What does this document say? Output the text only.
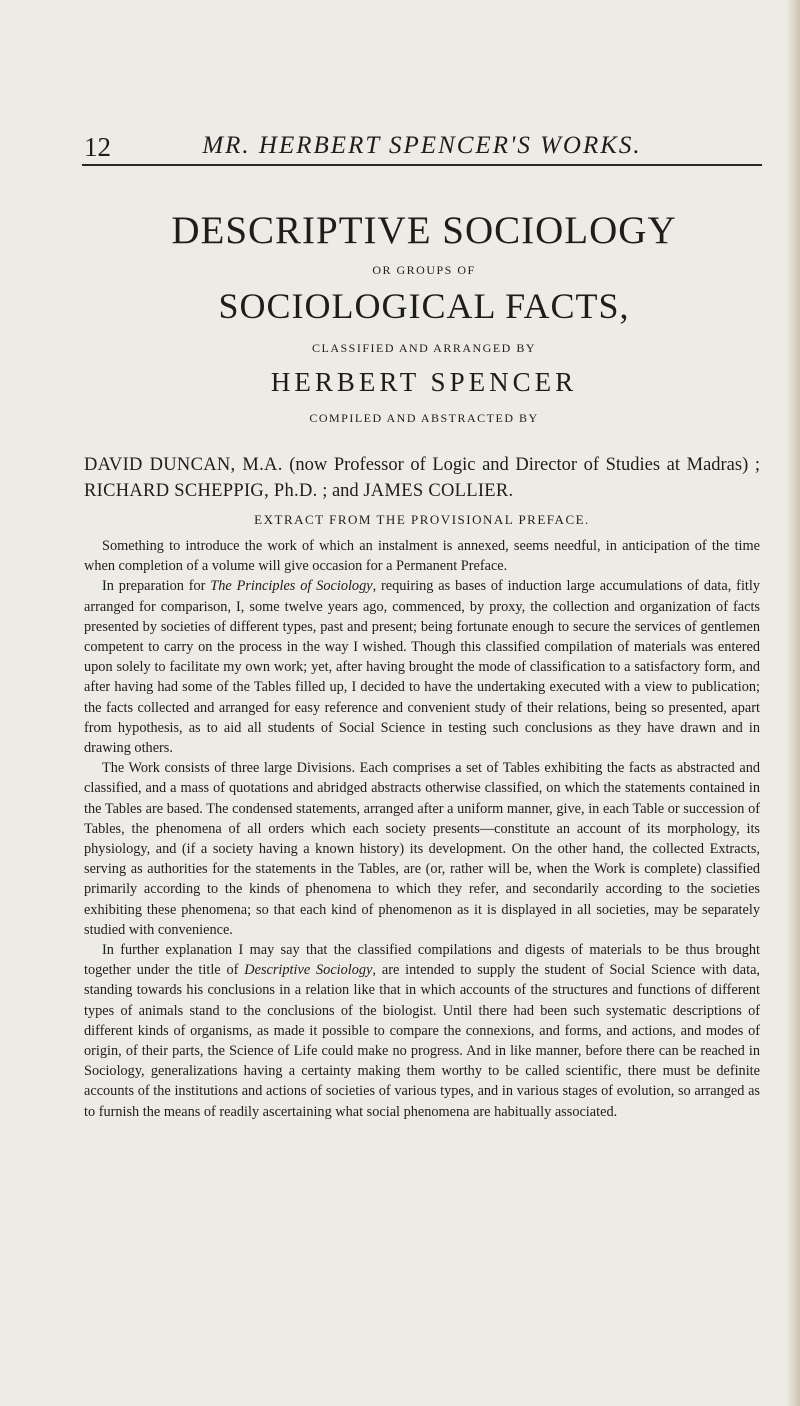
12	MR. HERBERT SPENCER'S WORKS.
DESCRIPTIVE SOCIOLOGY
OR GROUPS OF
SOCIOLOGICAL FACTS,
CLASSIFIED AND ARRANGED BY
HERBERT SPENCER
COMPILED AND ABSTRACTED BY
DAVID DUNCAN, M.A. (now Professor of Logic and Director of Studies at Madras) ; RICHARD SCHEPPIG, Ph.D. ; and JAMES COLLIER.
EXTRACT FROM THE PROVISIONAL PREFACE.

Something to introduce the work of which an instalment is annexed, seems needful, in anticipation of the time when completion of a volume will give occasion for a Permanent Preface.

In preparation for The Principles of Sociology, requiring as bases of induction large accumulations of data, fitly arranged for comparison, I, some twelve years ago, commenced, by proxy, the collection and organization of facts presented by societies of different types, past and present; being fortunate enough to secure the services of gentlemen competent to carry on the process in the way I wished. Though this classified compilation of materials was entered upon solely to facilitate my own work; yet, after having brought the mode of classification to a satisfactory form, and after having had some of the Tables filled up, I decided to have the undertaking executed with a view to publication; the facts collected and arranged for easy reference and convenient study of their relations, being so presented, apart from hypothesis, as to aid all students of Social Science in testing such conclusions as they have drawn and in drawing others.

The Work consists of three large Divisions. Each comprises a set of Tables exhibiting the facts as abstracted and classified, and a mass of quotations and abridged abstracts otherwise classified, on which the statements contained in the Tables are based. The condensed statements, arranged after a uniform manner, give, in each Table or succession of Tables, the phenomena of all orders which each society presents—constitute an account of its morphology, its physiology, and (if a society having a known history) its development. On the other hand, the collected Extracts, serving as authorities for the statements in the Tables, are (or, rather will be, when the Work is complete) classified primarily according to the kinds of phenomena to which they refer, and secondarily according to the societies exhibiting these phenomena; so that each kind of phenomenon as it is displayed in all societies, may be separately studied with convenience.

In further explanation I may say that the classified compilations and digests of materials to be thus brought together under the title of Descriptive Sociology, are intended to supply the student of Social Science with data, standing towards his conclusions in a relation like that in which accounts of the structures and functions of different types of animals stand to the conclusions of the biologist. Until there had been such systematic descriptions of different kinds of organisms, as made it possible to compare the connexions, and forms, and actions, and modes of origin, of their parts, the Science of Life could make no progress. And in like manner, before there can be reached in Sociology, generalizations having a certainty making them worthy to be called scientific, there must be definite accounts of the institutions and actions of societies of various types, and in various stages of evolution, so arranged as to furnish the means of readily ascertaining what social phenomena are habitually associated.
